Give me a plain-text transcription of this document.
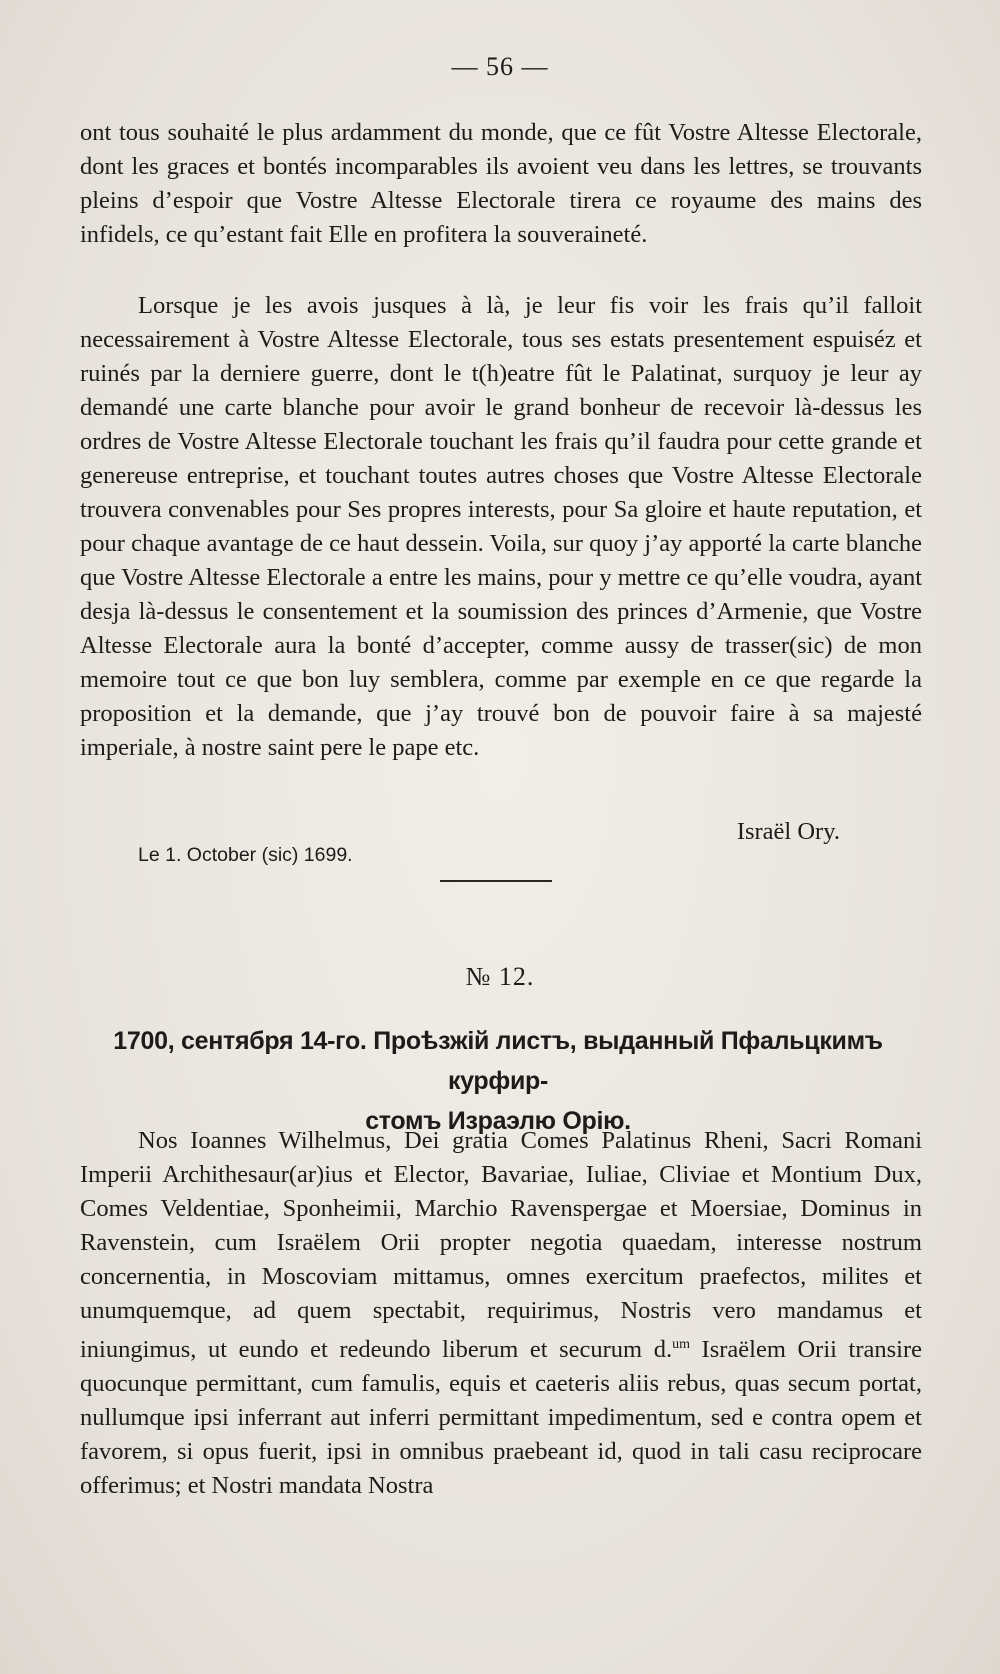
— 56 —

ont tous souhaité le plus ardamment du monde, que ce fût Vostre Altesse Electorale, dont les graces et bontés incomparables ils avoient veu dans les lettres, se trouvants pleins d’espoir que Vostre Altesse Electorale tirera ce royaume des mains des infidels, ce qu’estant fait Elle en profitera la souveraineté.

Lorsque je les avois jusques à là, je leur fis voir les frais qu’il falloit necessairement à Vostre Altesse Electorale, tous ses estats presentement espuiséz et ruinés par la derniere guerre, dont le t(h)eatre fût le Palatinat, surquoy je leur ay demandé une carte blanche pour avoir le grand bonheur de recevoir là-dessus les ordres de Vostre Altesse Electorale touchant les frais qu’il faudra pour cette grande et genereuse entreprise, et touchant toutes autres choses que Vostre Altesse Electorale trouvera convenables pour Ses propres interests, pour Sa gloire et haute reputation, et pour chaque avantage de ce haut dessein. Voila, sur quoy j’ay apporté la carte blanche que Vostre Altesse Electorale a entre les mains, pour y mettre ce qu’elle voudra, ayant desja là-dessus le consentement et la soumission des princes d’Armenie, que Vostre Altesse Electorale aura la bonté d’accepter, comme aussy de trasser(sic) de mon memoire tout ce que bon luy semblera, comme par exemple en ce que regarde la proposition et la demande, que j’ay trouvé bon de pouvoir faire à sa majesté imperiale, à nostre saint pere le pape etc.

Israël Ory.
Le 1. October (sic) 1699.
№ 12.
1700, сентября 14-го. Проѣзжій листъ, выданный Пфальцкимъ курфир-
стомъ Израэлю Орію.

Nos Ioannes Wilhelmus, Dei gratia Comes Palatinus Rheni, Sacri Romani Imperii Archithesaur(ar)ius et Elector, Bavariae, Iuliae, Cliviae et Montium Dux, Comes Veldentiae, Sponheimii, Marchio Ravenspergae et Moersiae, Dominus in Ravenstein, cum Israëlem Orii propter negotia quaedam, interesse nostrum concernentia, in Moscoviam mittamus, omnes exercitum praefectos, milites et unumquemque, ad quem spectabit, requirimus, Nostris vero mandamus et iniungimus, ut eundo et redeundo liberum et securum d.$^{um}$ Israëlem Orii transire quocunque permittant, cum famulis, equis et caeteris aliis rebus, quas secum portat, nullumque ipsi inferrant aut inferri permittant impedimentum, sed e contra opem et favorem, si opus fuerit, ipsi in omnibus praebeant id, quod in tali casu reciprocare offerimus; et Nostri mandata Nostra
